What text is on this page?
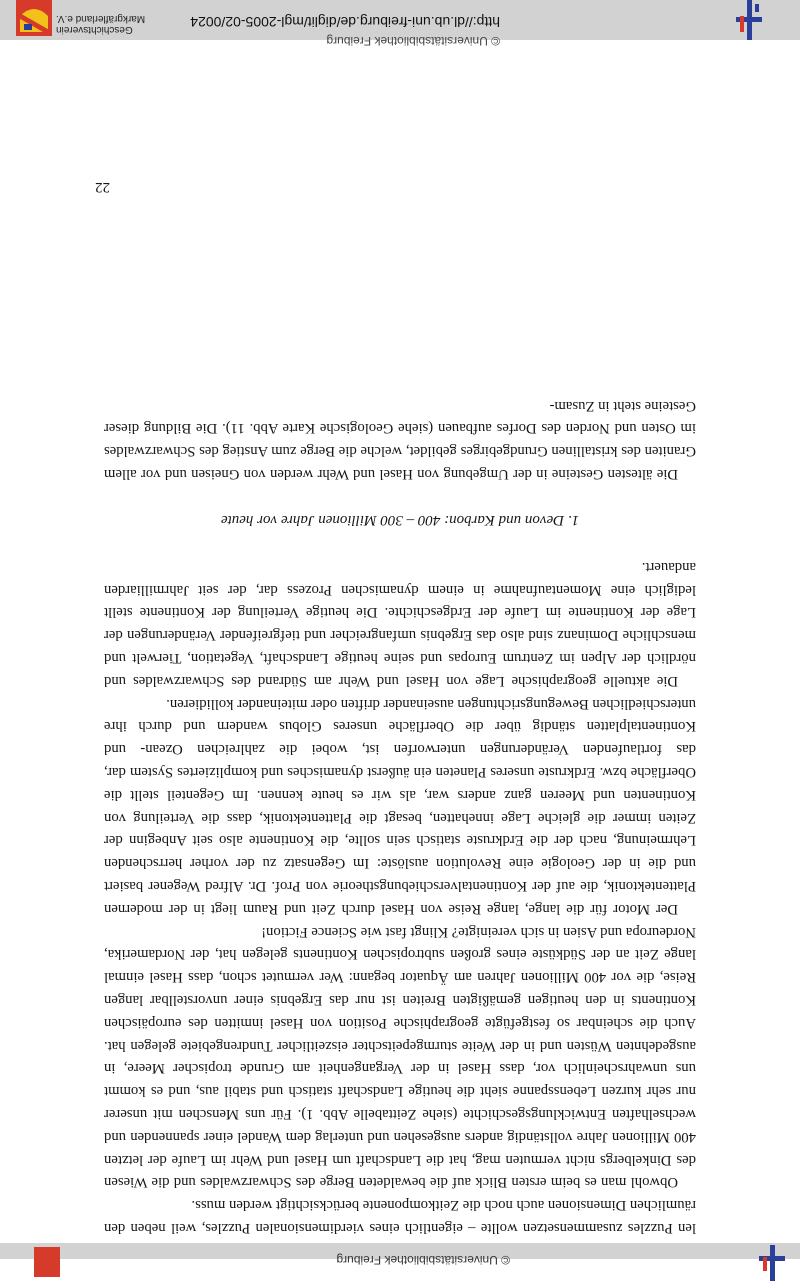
© Universitätsbibliothek Freiburg

len Puzzles zusammensetzen wollte – eigentlich eines vierdimensionalen Puzzles, weil neben den räumlichen Dimensionen auch noch die Zeitkomponente berücksichtigt werden muss.

Obwohl man es beim ersten Blick auf die bewaldeten Berge des Schwarzwaldes und die Wiesen des Dinkelbergs nicht vermuten mag, hat die Landschaft um Hasel und Wehr im Laufe der letzten 400 Millionen Jahre vollständig anders ausgesehen und unterlag dem Wandel einer spannenden und wechselhaften Entwicklungsgeschichte (siehe Zeittabelle Abb. 1). Für uns Menschen mit unserer nur sehr kurzen Lebensspanne sieht die heutige Landschaft statisch und stabil aus, und es kommt uns unwahrscheinlich vor, dass Hasel in der Vergangenheit am Grunde tropischer Meere, in ausgedehnten Wüsten und in der Weite sturmgepeitschter eiszeitlicher Tundrengebiete gelegen hat. Auch die scheinbar so festgefügte geographische Position von Hasel inmitten des europäischen Kontinents in den heutigen gemäßigten Breiten ist nur das Ergebnis einer unvorstellbar langen Reise, die vor 400 Millionen Jahren am Äquator begann: Wer vermutet schon, dass Hasel einmal lange Zeit an der Südküste eines großen subtropischen Kontinents gelegen hat, der Nordamerika, Nordeuropa und Asien in sich vereinigte? Klingt fast wie Science Fiction!

Der Motor für die lange, lange Reise von Hasel durch Zeit und Raum liegt in der modernen Plattentektonik, die auf der Kontinentalverschiebungstheorie von Prof. Dr. Alfred Wegener basiert und die in der Geologie eine Revolution auslöste: Im Gegensatz zu der vorher herrschenden Lehrmeinung, nach der die Erdkruste statisch sein sollte, die Kontinente also seit Anbeginn der Zeiten immer die gleiche Lage innehatten, besagt die Plattentektonik, dass die Verteilung von Kontinenten und Meeren ganz anders war, als wir es heute kennen. Im Gegenteil stellt die Oberfläche bzw. Erdkruste unseres Planeten ein äußerst dynamisches und kompliziertes System dar, das fortlaufenden Veränderungen unterworfen ist, wobei die zahlreichen Ozean- und Kontinentalplatten ständig über die Oberfläche unseres Globus wandern und durch ihre unterschiedlichen Bewegungsrichtungen auseinander driften oder miteinander kollidieren.

Die aktuelle geographische Lage von Hasel und Wehr am Südrand des Schwarzwaldes und nördlich der Alpen im Zentrum Europas und seine heutige Landschaft, Vegetation, Tierwelt und menschliche Dominanz sind also das Ergebnis umfangreicher und tiefgreifender Veränderungen der Lage der Kontinente im Laufe der Erdgeschichte. Die heutige Verteilung der Kontinente stellt lediglich eine Momentaufnahme in einem dynamischen Prozess dar, der seit Jahrmilliarden andauert.

1. Devon und Karbon: 400 – 300 Millionen Jahre vor heute

Die ältesten Gesteine in der Umgebung von Hasel und Wehr werden von Gneisen und vor allem Graniten des kristallinen Grundgebirges gebildet, welche die Berge zum Anstieg des Schwarzwaldes im Osten und Norden des Dorfes aufbauen (siehe Geologische Karte Abb. 11). Die Bildung dieser Gesteine steht in Zusam-

22
© Universitätsbibliothek Freiburg
http://dl.ub.uni-freiburg.de/diglit/mgl-2005-02/0024
Geschichtsverein Markgräflerland e.V.
